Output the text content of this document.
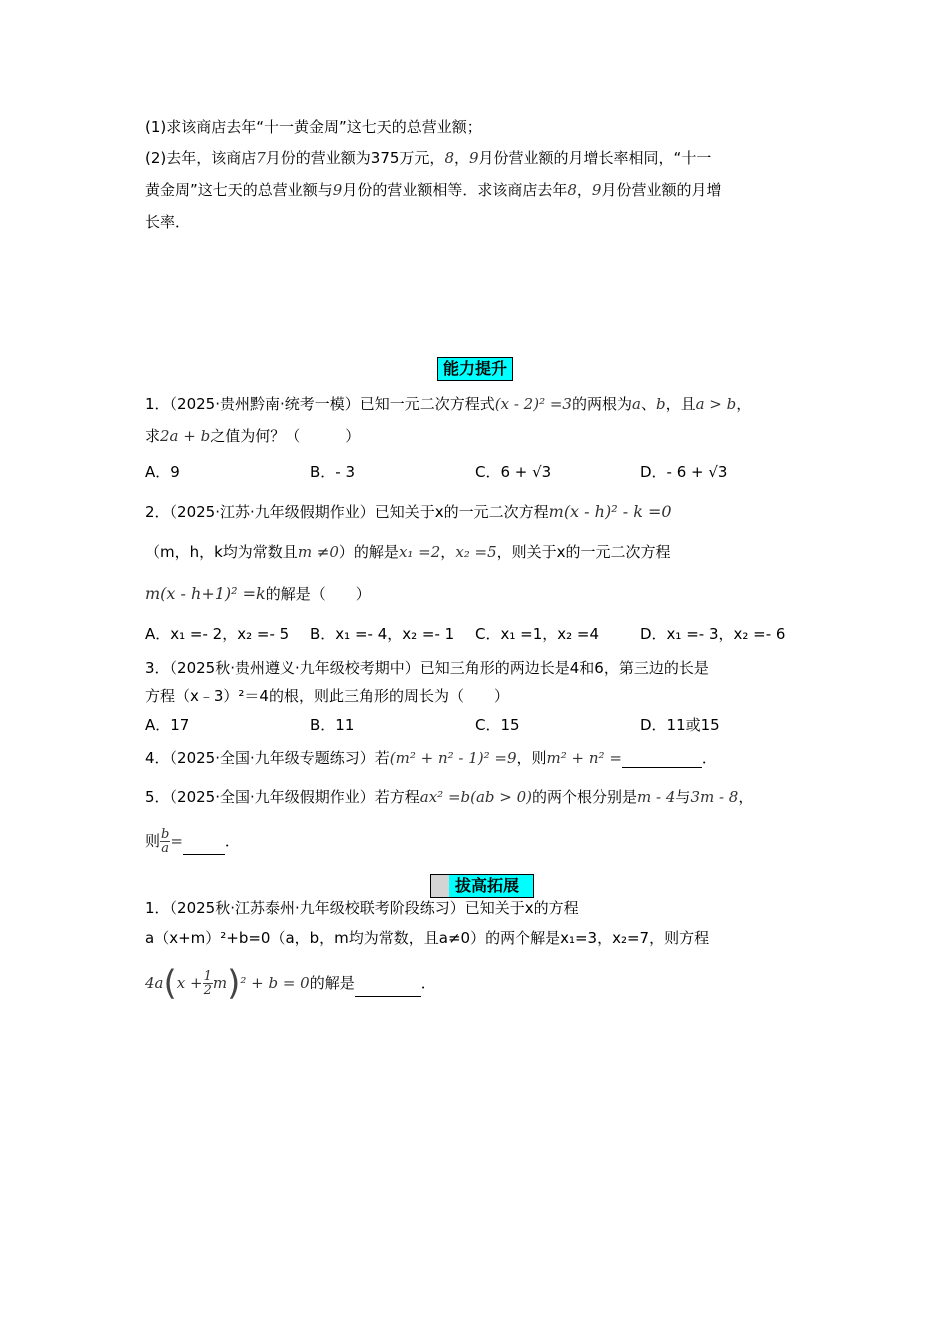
(1)求该商店去年“十一黄金周”这七天的总营业额；
(2)去年，该商店7月份的营业额为375万元，8，9月份营业额的月增长率相同，“十一
黄金周”这七天的总营业额与9月份的营业额相等．求该商店去年8，9月份营业额的月增
长率．
能力提升
1．（2025·贵州黔南·统考一模）已知一元二次方程式(x - 2)² =3的两根为a、b，且a > b，
求2a + b之值为何？（　　　）
A．9	B．- 3	C．6 + √3	D．- 6 + √3
2．（2025·江苏·九年级假期作业）已知关于x的一元二次方程m(x - h)² - k =0
（m，h，k均为常数且m ≠0）的解是x₁ =2，x₂ =5，则关于x的一元二次方程
m(x - h+1)² =k的解是（　　）
A．x₁ =- 2，x₂ =- 5 B．x₁ =- 4，x₂ =- 1 C．x₁ =1，x₂ =4	D．x₁ =- 3，x₂ =- 6
3．（2025秋·贵州遵义·九年级校考期中）已知三角形的两边长是4和6，第三边的长是
方程（x﹣3）²＝4的根，则此三角形的周长为（　　）
A．17	B．11	C．15	D．11或15
4．（2025·全国·九年级专题练习）若(m² + n² - 1)² =9，则m² + n² =	．
5．（2025·全国·九年级假期作业）若方程ax² =b(ab > 0)的两个根分别是m - 4与3m - 8，
则 $\frac{b}{a}$ =	．
拔高拓展
1．（2025秋·江苏泰州·九年级校联考阶段练习）已知关于x的方程
a（x+m）²+b=0（a，b，m均为常数，且a≠0）的两个解是x₁=3，x₂=7，则方程
$4a(x + \frac{1}{2} m)^2 + b = 0$的解是	．
